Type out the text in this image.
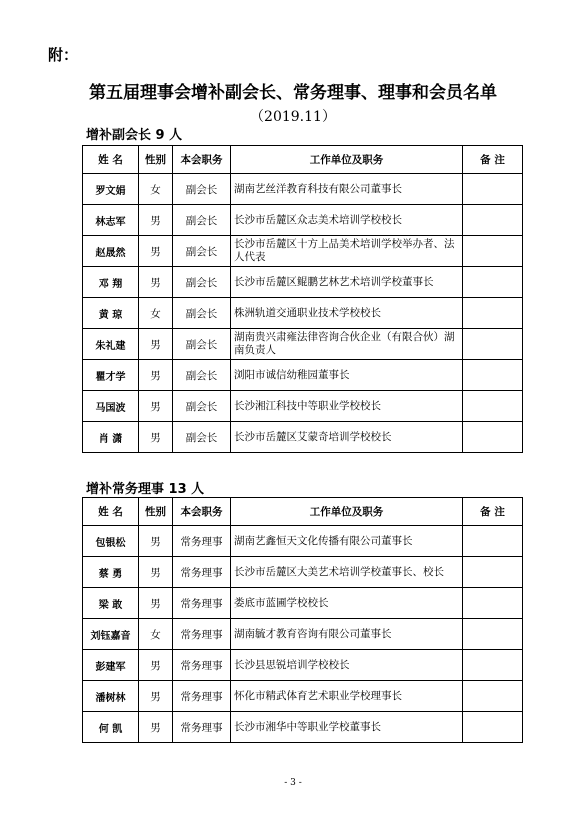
附：
第五届理事会增补副会长、常务理事、理事和会员名单
（2019.11）
增补副会长 9 人
姓 名	性别	本会职务	工作单位及职务	备 注
罗文娟	女	副会长	湖南艺丝洋教育科技有限公司董事长	
林志军	男	副会长	长沙市岳麓区众志美术培训学校校长	
赵晟然	男	副会长	长沙市岳麓区十方上品美术培训学校举办者、法人代表	
邓 翔	男	副会长	长沙市岳麓区鲲鹏艺林艺术培训学校董事长	
黄 琼	女	副会长	株洲轨道交通职业技术学校校长	
朱礼建	男	副会长	湖南贵兴肃雍法律咨询合伙企业（有限合伙）湖南负责人	
瞿才学	男	副会长	浏阳市诚信幼稚园董事长	
马国波	男	副会长	长沙湘江科技中等职业学校校长	
肖 潇	男	副会长	长沙市岳麓区艾蒙奇培训学校校长	
增补常务理事 13 人
姓 名	性别	本会职务	工作单位及职务	备 注
包银松	男	常务理事	湖南艺鑫恒天文化传播有限公司董事长	
蔡 勇	男	常务理事	长沙市岳麓区大美艺术培训学校董事长、校长	
梁 敢	男	常务理事	娄底市蓝圃学校校长	
刘钰嘉音	女	常务理事	湖南毓才教育咨询有限公司董事长	
彭建军	男	常务理事	长沙县思锐培训学校校长	
潘树林	男	常务理事	怀化市精武体育艺术职业学校理事长	
何 凯	男	常务理事	长沙市湘华中等职业学校董事长	
- 3 -
